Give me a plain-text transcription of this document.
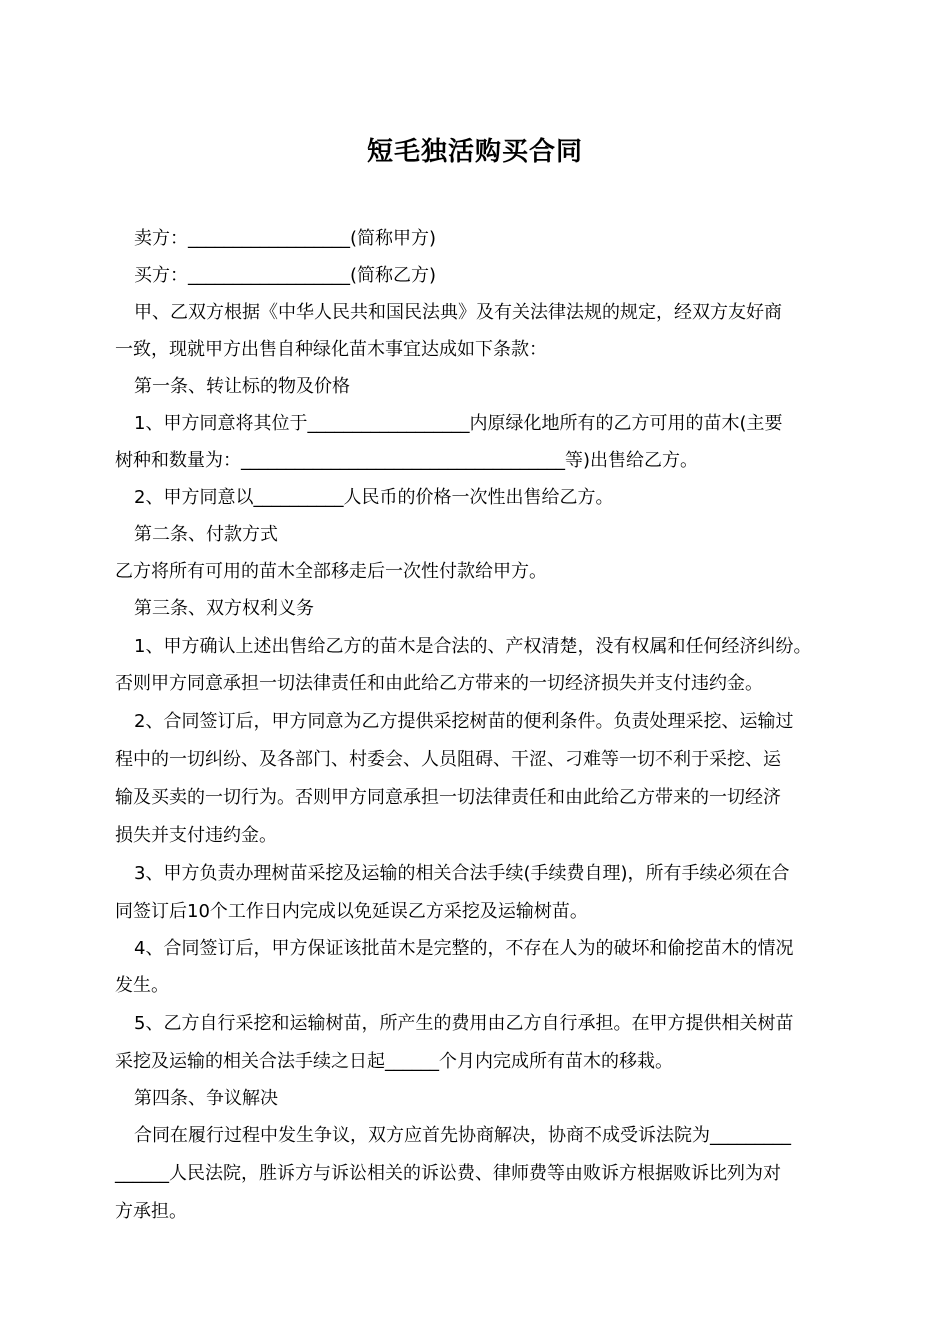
短毛独活购买合同
卖方：__________________(简称甲方)
买方：__________________(简称乙方)
甲、乙双方根据《中华人民共和国民法典》及有关法律法规的规定，经双方友好商
一致，现就甲方出售自种绿化苗木事宜达成如下条款：
第一条、转让标的物及价格
1、甲方同意将其位于__________________内原绿化地所有的乙方可用的苗木(主要
树种和数量为：____________________________________等)出售给乙方。
2、甲方同意以__________人民币的价格一次性出售给乙方。
第二条、付款方式
乙方将所有可用的苗木全部移走后一次性付款给甲方。
第三条、双方权利义务
1、甲方确认上述出售给乙方的苗木是合法的、产权清楚，没有权属和任何经济纠纷。
否则甲方同意承担一切法律责任和由此给乙方带来的一切经济损失并支付违约金。
2、合同签订后，甲方同意为乙方提供采挖树苗的便利条件。负责处理采挖、运输过
程中的一切纠纷、及各部门、村委会、人员阻碍、干涩、刁难等一切不利于采挖、运
输及买卖的一切行为。否则甲方同意承担一切法律责任和由此给乙方带来的一切经济
损失并支付违约金。
3、甲方负责办理树苗采挖及运输的相关合法手续(手续费自理)，所有手续必须在合
同签订后10个工作日内完成以免延误乙方采挖及运输树苗。
4、合同签订后，甲方保证该批苗木是完整的，不存在人为的破坏和偷挖苗木的情况
发生。
5、乙方自行采挖和运输树苗，所产生的费用由乙方自行承担。在甲方提供相关树苗
采挖及运输的相关合法手续之日起______个月内完成所有苗木的移栽。
第四条、争议解决
合同在履行过程中发生争议，双方应首先协商解决，协商不成受诉法院为_________
______人民法院，胜诉方与诉讼相关的诉讼费、律师费等由败诉方根据败诉比列为对
方承担。
